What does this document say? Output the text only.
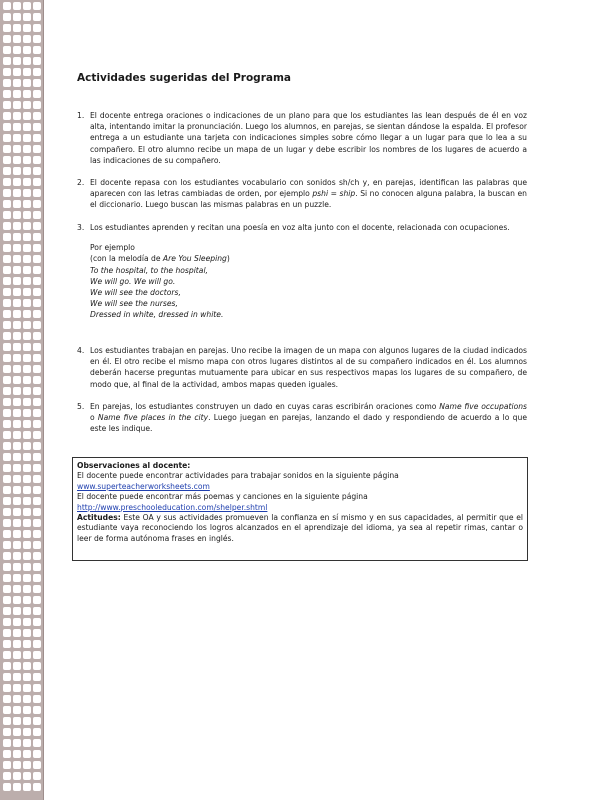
Actividades sugeridas del Programa
1. El docente entrega oraciones o indicaciones de un plano para que los estudiantes las lean después de él en voz alta, intentando imitar la pronunciación. Luego los alumnos, en parejas, se sientan dándose la espalda. El profesor entrega a un estudiante una tarjeta con indicaciones simples sobre cómo llegar a un lugar para que lo lea a su compañero. El otro alumno recibe un mapa de un lugar y debe escribir los nombres de los lugares de acuerdo a las indicaciones de su compañero.
2. El docente repasa con los estudiantes vocabulario con sonidos sh/ch y, en parejas, identifican las palabras que aparecen con las letras cambiadas de orden, por ejemplo pshi = ship. Si no conocen alguna palabra, la buscan en el diccionario. Luego buscan las mismas palabras en un puzzle.
3. Los estudiantes aprenden y recitan una poesía en voz alta junto con el docente, relacionada con ocupaciones.
Por ejemplo
(con la melodía de Are You Sleeping)
To the hospital, to the hospital,
We will go. We will go.
We will see the doctors,
We will see the nurses,
Dressed in white, dressed in white.
4. Los estudiantes trabajan en parejas. Uno recibe la imagen de un mapa con algunos lugares de la ciudad indicados en él. El otro recibe el mismo mapa con otros lugares distintos al de su compañero indicados en él. Los alumnos deberán hacerse preguntas mutuamente para ubicar en sus respectivos mapas los lugares de su compañero, de modo que, al final de la actividad, ambos mapas queden iguales.
5. En parejas, los estudiantes construyen un dado en cuyas caras escribirán oraciones como Name five occupations o Name five places in the city. Luego juegan en parejas, lanzando el dado y respondiendo de acuerdo a lo que este les indique.
Observaciones al docente:
El docente puede encontrar actividades para trabajar sonidos en la siguiente página
www.superteacherworksheets.com
El docente puede encontrar más poemas y canciones en la siguiente página
http://www.preschooleducation.com/shelper.shtml
Actitudes: Este OA y sus actividades promueven la confianza en sí mismo y en sus capacidades, al permitir que el estudiante vaya reconociendo los logros alcanzados en el aprendizaje del idioma, ya sea al repetir rimas, cantar o leer de forma autónoma frases en inglés.
